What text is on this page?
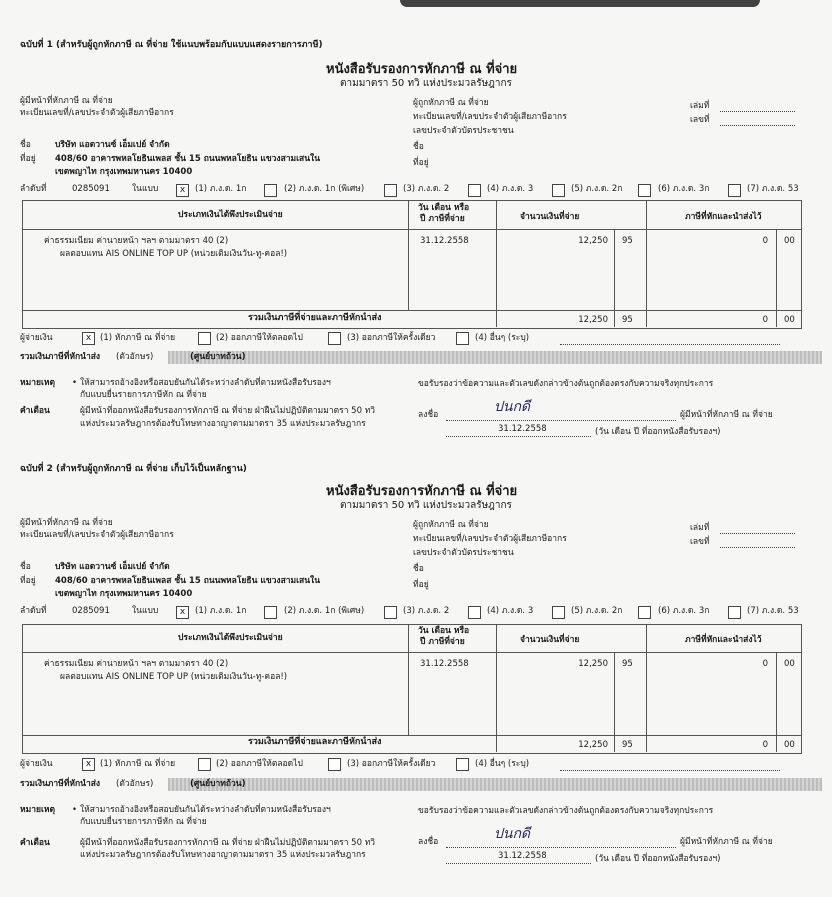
ฉบับที่ 1 (สำหรับผู้ถูกหักภาษี ณ ที่จ่าย ใช้แนบพร้อมกับแบบแสดงรายการภาษี)
หนังสือรับรองการหักภาษี ณ ที่จ่าย
ตามมาตรา 50 ทวิ แห่งประมวลรัษฎากร
ผู้มีหน้าที่หักภาษี ณ ที่จ่าย
ทะเบียนเลขที่/เลขประจำตัวผู้เสียภาษีอากร
ผู้ถูกหักภาษี ณ ที่จ่าย
ทะเบียนเลขที่/เลขประจำตัวผู้เสียภาษีอากร
เลขประจำตัวบัตรประชาชน
เล่มที่
เลขที่
ชื่อ	บริษัท แอดวานซ์ เอ็มเปย์ จำกัด
ที่อยู่ 408/60 อาคารพหลโยธินเพลส ชั้น 15 ถนนพหลโยธิน แขวงสามเสนใน
เขตพญาไท กรุงเทพมหานคร 10400
ชื่อ
ที่อยู่
ลำดับที่	0285091	ในแบบ	x	(1) ภ.ง.ด. 1ก	(2) ภ.ง.ด. 1ก (พิเศษ)	(3) ภ.ง.ด. 2	(4) ภ.ง.ด. 3	(5) ภ.ง.ด. 2ก	(6) ภ.ง.ด. 3ก	(7) ภ.ง.ด. 53
ประเภทเงินได้พึงประเมินจ่าย
วัน เดือน หรือ
ปี ภาษีที่จ่าย	จำนวนเงินที่จ่าย	ภาษีที่หักและนำส่งไว้
ค่าธรรมเนียม ค่านายหน้า ฯลฯ ตามมาตรา 40 (2)
ผลตอบแทน AIS ONLINE TOP UP (หน่วยเติมเงินวัน-ทู-คอล!)
31.12.2558	12,250 95	0 00
รวมเงินภาษีที่จ่ายและภาษีหักนำส่ง	12,250 95	0 00
ผู้จ่ายเงิน	x	(1) หักภาษี ณ ที่จ่าย	(2) ออกภาษีให้ตลอดไป	(3) ออกภาษีให้ครั้งเดียว	(4) อื่นๆ (ระบุ)
รวมเงินภาษีที่หักนำส่ง (ตัวอักษร)	(ศูนย์บาทถ้วน)
หมายเหตุ • ให้สามารถอ้างอิงหรือสอบยันกันได้ระหว่างลำดับที่ตามหนังสือรับรองฯ
กับแบบยื่นรายการภาษีหัก ณ ที่จ่าย
คำเตือน	ผู้มีหน้าที่ออกหนังสือรับรองการหักภาษี ณ ที่จ่าย ฝ่าฝืนไม่ปฏิบัติตามมาตรา 50 ทวิ
แห่งประมวลรัษฎากรต้องรับโทษทางอาญาตามมาตรา 35 แห่งประมวลรัษฎากร
ขอรับรองว่าข้อความและตัวเลขดังกล่าวข้างต้นถูกต้องตรงกับความจริงทุกประการ
ลงชื่อ	ปนกดี	ผู้มีหน้าที่หักภาษี ณ ที่จ่าย
31.12.2558	(วัน เดือน ปี ที่ออกหนังสือรับรองฯ)
ฉบับที่ 2 (สำหรับผู้ถูกหักภาษี ณ ที่จ่าย เก็บไว้เป็นหลักฐาน)
หนังสือรับรองการหักภาษี ณ ที่จ่าย
ตามมาตรา 50 ทวิ แห่งประมวลรัษฎากร
ผู้มีหน้าที่หักภาษี ณ ที่จ่าย
ทะเบียนเลขที่/เลขประจำตัวผู้เสียภาษีอากร
ผู้ถูกหักภาษี ณ ที่จ่าย
ทะเบียนเลขที่/เลขประจำตัวผู้เสียภาษีอากร
เลขประจำตัวบัตรประชาชน
เล่มที่
เลขที่
ชื่อ	บริษัท แอดวานซ์ เอ็มเปย์ จำกัด
ที่อยู่ 408/60 อาคารพหลโยธินเพลส ชั้น 15 ถนนพหลโยธิน แขวงสามเสนใน
เขตพญาไท กรุงเทพมหานคร 10400
ชื่อ
ที่อยู่
ลำดับที่	0285091	ในแบบ	x	(1) ภ.ง.ด. 1ก	(2) ภ.ง.ด. 1ก (พิเศษ)	(3) ภ.ง.ด. 2	(4) ภ.ง.ด. 3	(5) ภ.ง.ด. 2ก	(6) ภ.ง.ด. 3ก	(7) ภ.ง.ด. 53
ประเภทเงินได้พึงประเมินจ่าย
วัน เดือน หรือ
ปี ภาษีที่จ่าย	จำนวนเงินที่จ่าย	ภาษีที่หักและนำส่งไว้
ค่าธรรมเนียม ค่านายหน้า ฯลฯ ตามมาตรา 40 (2)
ผลตอบแทน AIS ONLINE TOP UP (หน่วยเติมเงินวัน-ทู-คอล!)
31.12.2558	12,250 95	0 00
รวมเงินภาษีที่จ่ายและภาษีหักนำส่ง	12,250 95	0 00
ผู้จ่ายเงิน	x	(1) หักภาษี ณ ที่จ่าย	(2) ออกภาษีให้ตลอดไป	(3) ออกภาษีให้ครั้งเดียว	(4) อื่นๆ (ระบุ)
รวมเงินภาษีที่หักนำส่ง (ตัวอักษร)	(ศูนย์บาทถ้วน)
หมายเหตุ • ให้สามารถอ้างอิงหรือสอบยันกันได้ระหว่างลำดับที่ตามหนังสือรับรองฯ
กับแบบยื่นรายการภาษีหัก ณ ที่จ่าย
คำเตือน	ผู้มีหน้าที่ออกหนังสือรับรองการหักภาษี ณ ที่จ่าย ฝ่าฝืนไม่ปฏิบัติตามมาตรา 50 ทวิ
แห่งประมวลรัษฎากรต้องรับโทษทางอาญาตามมาตรา 35 แห่งประมวลรัษฎากร
ขอรับรองว่าข้อความและตัวเลขดังกล่าวข้างต้นถูกต้องตรงกับความจริงทุกประการ
ลงชื่อ	ปนกดี	ผู้มีหน้าที่หักภาษี ณ ที่จ่าย
31.12.2558	(วัน เดือน ปี ที่ออกหนังสือรับรองฯ)
